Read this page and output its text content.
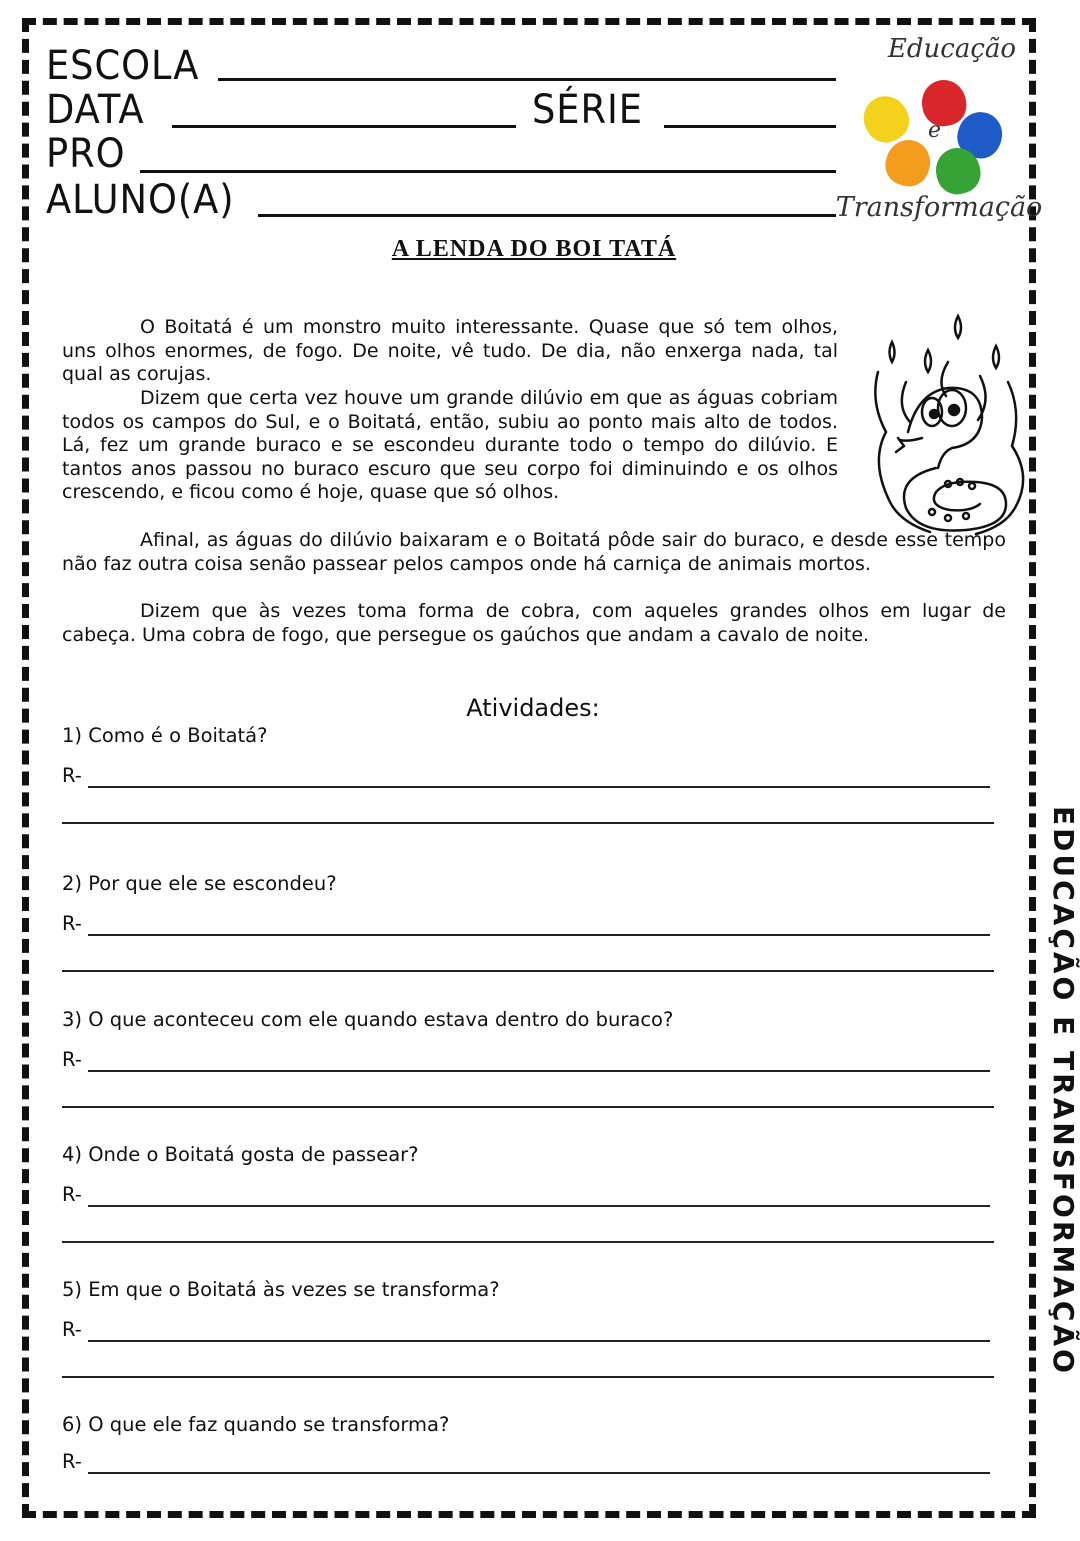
ESCOLA
DATA	SÉRIE
PRO
ALUNO(A)
Educação
e
Transformação
A LENDA DO BOI TATÁ

O Boitatá é um monstro muito interessante. Quase que só tem olhos, uns olhos enormes, de fogo. De noite, vê tudo. De dia, não enxerga nada, tal qual as corujas.

Dizem que certa vez houve um grande dilúvio em que as águas cobriam todos os campos do Sul, e o Boitatá, então, subiu ao ponto mais alto de todos. Lá, fez um grande buraco e se escondeu durante todo o tempo do dilúvio. E tantos anos passou no buraco escuro que seu corpo foi diminuindo e os olhos crescendo, e ficou como é hoje, quase que só olhos.

Afinal, as águas do dilúvio baixaram e o Boitatá pôde sair do buraco, e desde esse tempo não faz outra coisa senão passear pelos campos onde há carniça de animais mortos.

Dizem que às vezes toma forma de cobra, com aqueles grandes olhos em lugar de cabeça. Uma cobra de fogo, que persegue os gaúchos que andam a cavalo de noite.

Atividades:
1) Como é o Boitatá?
R-
2) Por que ele se escondeu?
R-
3) O que aconteceu com ele quando estava dentro do buraco?
R-
4) Onde o Boitatá gosta de passear?
R-
5) Em que o Boitatá às vezes se transforma?
R-
6) O que ele faz quando se transforma?
R-
EDUCAÇÃO E TRANSFORMAÇÃO
